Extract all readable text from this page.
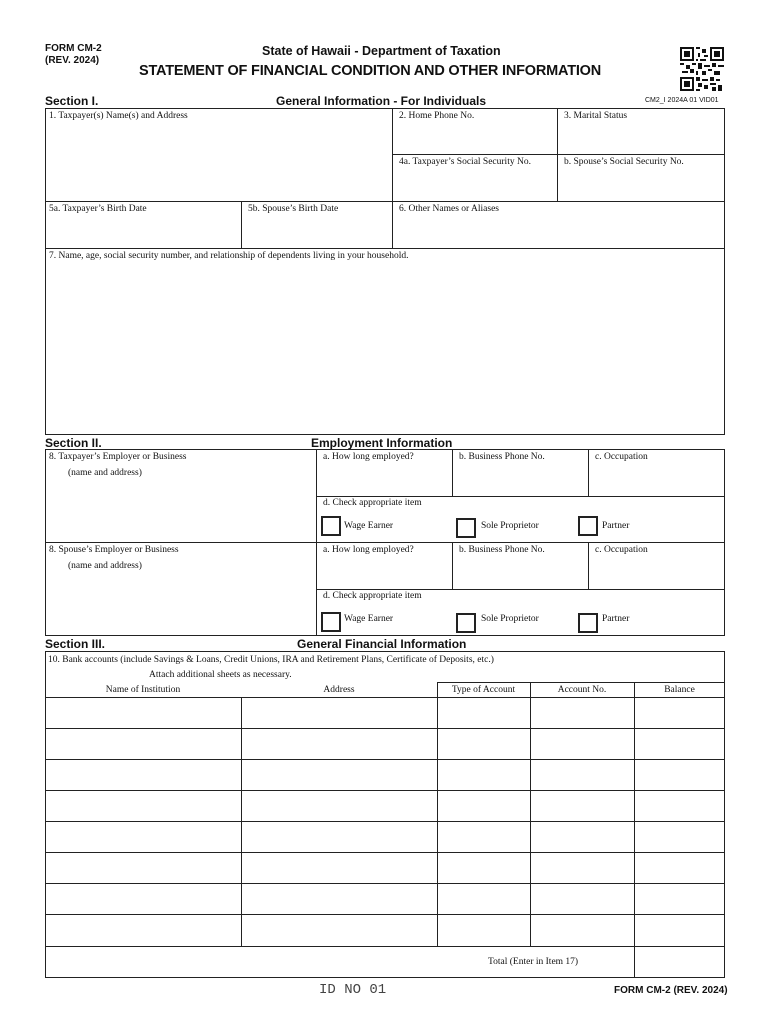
FORM CM-2
(REV. 2024)
State of Hawaii - Department of Taxation
STATEMENT OF FINANCIAL CONDITION AND OTHER INFORMATION
Section I.	General Information - For Individuals	CM2_I 2024A 01 VID01
1. Taxpayer(s) Name(s) and Address	2. Home Phone No.	3. Marital Status
4a. Taxpayer’s Social Security No.	b. Spouse’s Social Security No.
5a. Taxpayer’s Birth Date	5b. Spouse’s Birth Date	6. Other Names or Aliases
7. Name, age, social security number, and relationship of dependents living in your household.
Section II.	Employment Information
8. Taxpayer’s Employer or Business
(name and address)
a. How long employed?	b. Business Phone No.	c. Occupation
d. Check appropriate item
Wage Earner	Sole Proprietor	Partner
8. Spouse’s Employer or Business
(name and address)
a. How long employed?	b. Business Phone No.	c. Occupation
d. Check appropriate item
Wage Earner	Sole Proprietor	Partner
Section III.	General Financial Information
10. Bank accounts (include Savings & Loans, Credit Unions, IRA and Retirement Plans, Certificate of Deposits, etc.)
Attach additional sheets as necessary.
Name of Institution	Address	Type of Account	Account No.	Balance
Total (Enter in Item 17)
ID NO 01	FORM CM-2 (REV. 2024)
